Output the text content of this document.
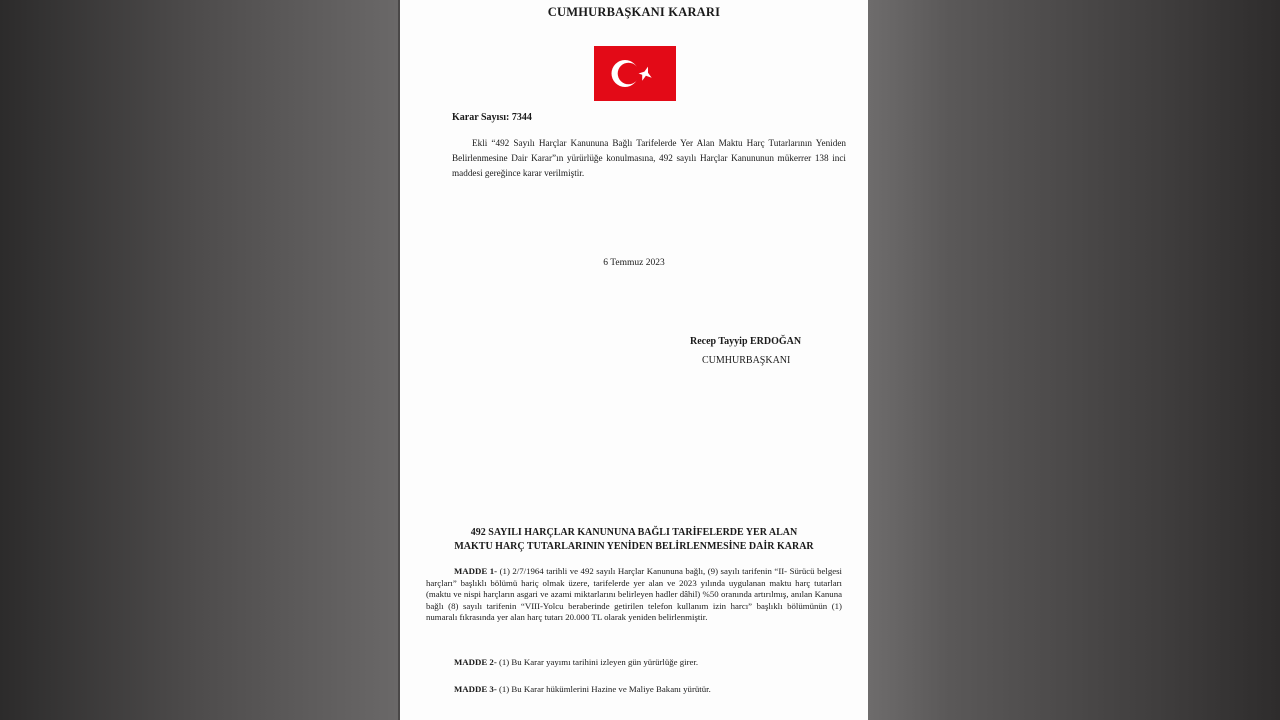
CUMHURBAŞKANI KARARI
Karar Sayısı: 7344

Ekli “492 Sayılı Harçlar Kanununa Bağlı Tarifelerde Yer Alan Maktu Harç Tutarlarının Yeniden Belirlenmesine Dair Karar”ın yürürlüğe konulmasına, 492 sayılı Harçlar Kanununun mükerrer 138 inci maddesi gereğince karar verilmiştir.

6 Temmuz 2023
Recep Tayyip ERDOĞAN
CUMHURBAŞKANI
492 SAYILI HARÇLAR KANUNUNA BAĞLI TARİFELERDE YER ALAN
MAKTU HARÇ TUTARLARININ YENİDEN BELİRLENMESİNE DAİR KARAR

MADDE 1- (1) 2/7/1964 tarihli ve 492 sayılı Harçlar Kanununa bağlı, (9) sayılı tarifenin “II- Sürücü belgesi harçları” başlıklı bölümü hariç olmak üzere, tarifelerde yer alan ve 2023 yılında uygulanan maktu harç tutarları (maktu ve nispi harçların asgari ve azami miktarlarını belirleyen hadler dâhil) %50 oranında artırılmış, anılan Kanuna bağlı (8) sayılı tarifenin “VIII-Yolcu beraberinde getirilen telefon kullanım izin harcı” başlıklı bölümünün (1) numaralı fıkrasında yer alan harç tutarı 20.000 TL olarak yeniden belirlenmiştir.

MADDE 2- (1) Bu Karar yayımı tarihini izleyen gün yürürlüğe girer.

MADDE 3- (1) Bu Karar hükümlerini Hazine ve Maliye Bakanı yürütür.
